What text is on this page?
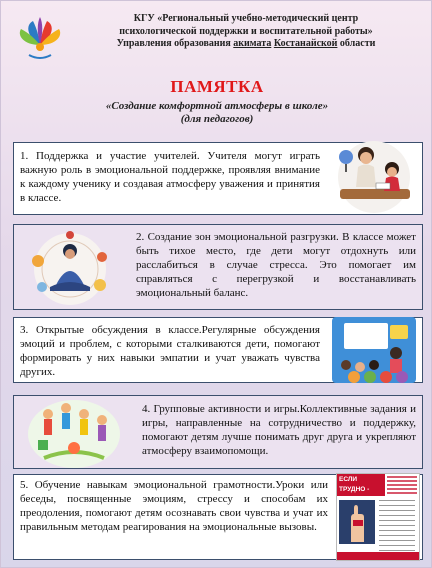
КГУ «Региональный учебно-методический центр
психологической поддержки и воспитательной работы»
Управления образования акимата Костанайской области
ПАМЯТКА
«Создание комфортной атмосферы в школе»
(для педагогов)
1. Поддержка и участие учителей. Учителя могут играть важную роль в эмоциональной поддержке, проявляя внимание к каждому ученику и создавая атмосферу уважения и принятия в классе.
2. Создание зон эмоциональной разгрузки. В классе может быть тихое место, где дети могут отдохнуть или расслабиться в случае стресса. Это помогает им справляться с перегрузкой и восстанавливать эмоциональный баланс.
3. Открытые обсуждения в классе.Регулярные обсуждения эмоций и проблем, с которыми сталкиваются дети, помогают формировать у них навыки эмпатии и учат уважать чувства других.
4. Групповые активности и игры.Коллективные задания и игры, направленные на сотрудничество и поддержку, помогают детям лучше понимать друг друга и укрепляют атмосферу взаимопомощи.
5. Обучение навыкам эмоциональной грамотности.Уроки или беседы, посвященные эмоциям, стрессу и способам их преодоления, помогают детям осознавать свои чувства и учат их правильным методам реагирования на эмоциональные вызовы.
ЕСЛИ ТРУДНО -
